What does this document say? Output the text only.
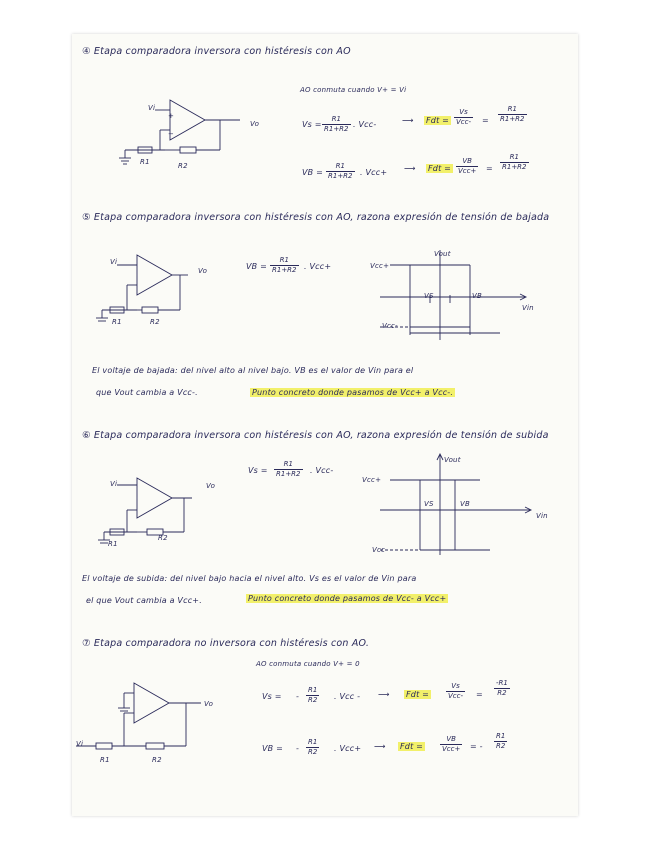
④ Etapa comparadora inversora con histéresis con AO
AO conmuta cuando V+ = Vi
Vi
Vo
R1	R2
−
+
$Vs = \frac{R1}{R1+R2}$ . Vcc-	⟶ Fdt =
Vs
$Vcc- = \frac{R1}{R1+R2}$
VB = $\frac{R1}{R1+R2}$ . Vcc+ ⟶ Fdt =
VB
$Vcc+ = \frac{R1}{R1+R2}$
⑤ Etapa comparadora inversora con histéresis con AO, razona expresión de tensión de bajada
Vi
Vo
R1	R2
VB = $\frac{R1}{R1+R2}$ . Vcc+
Vout
Vcc+
Vcc-
VS	VB
Vin
El voltaje de bajada: del nivel alto al nivel bajo. VB es el valor de Vin para el
que Vout cambia a Vcc-.	Punto concreto donde pasamos de Vcc+ a Vcc-.
⑥ Etapa comparadora inversora con histéresis con AO, razona expresión de tensión de subida
$Vs = \frac{R1}{R1+R2}$ . Vcc-
Vi	Vo
R1
R2
Vout
Vcc+
Vcc-
VS	VB
Vin
El voltaje de subida: del nivel bajo hacia el nivel alto. Vs es el valor de Vin para
el que Vout cambia a Vcc+.	Punto concreto donde pasamos de Vcc- a Vcc+
⑦ Etapa comparadora no inversora con histéresis con AO.
AO conmuta cuando V+ = 0
Vi
Vo
R1	R2
Vs = - $\frac{R1}{R2}$ . Vcc - ⟶ Fdt =
Vs
$Vcc- = \frac{-R1}{R2}$
VB = - $\frac{R1}{R2}$ . Vcc+ ⟶ Fdt =
VB
Vcc+ = - $\frac{R1}{R2}$
